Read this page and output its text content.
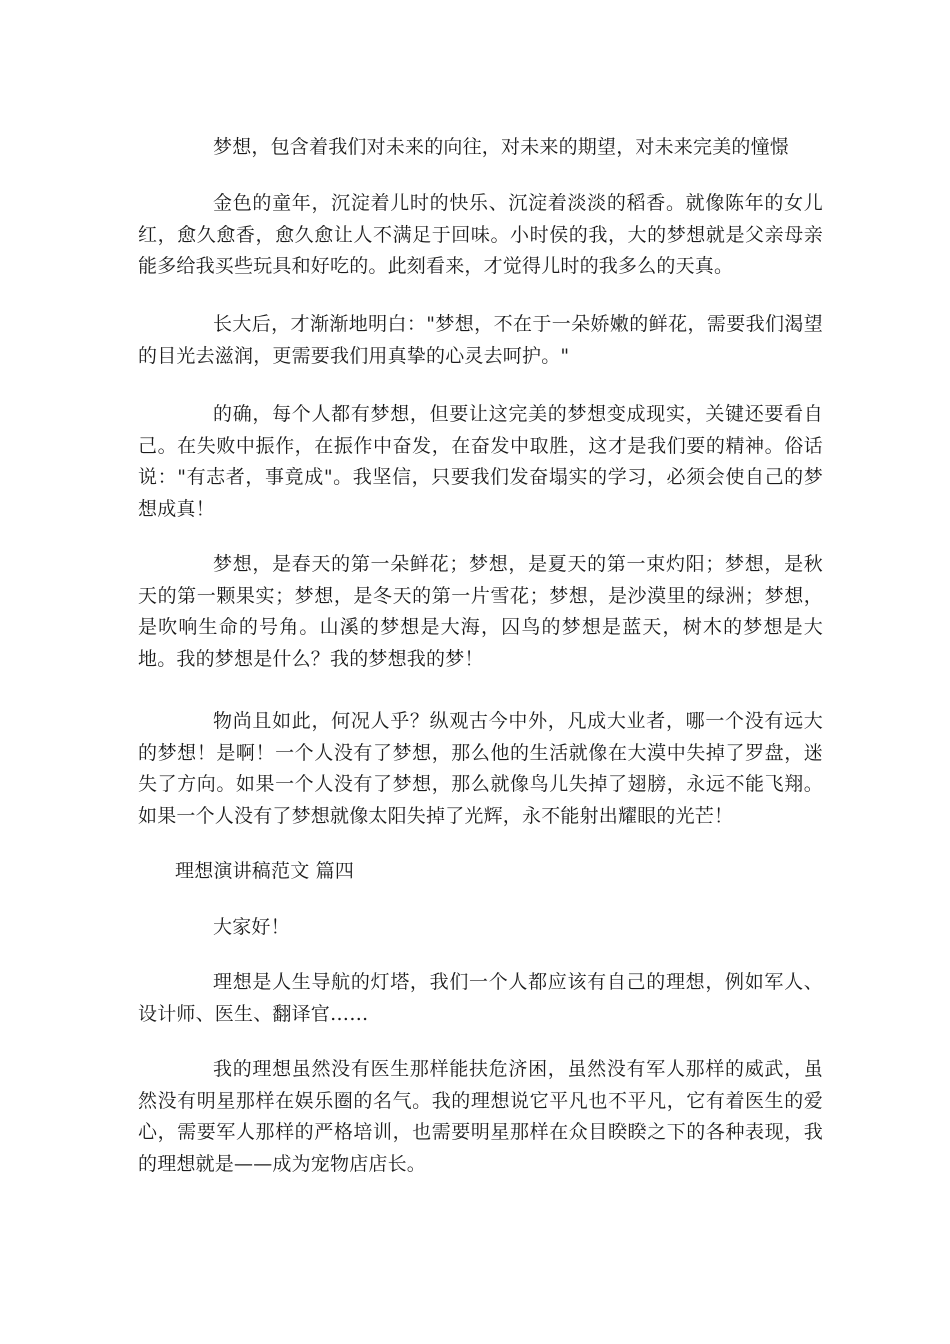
梦想，包含着我们对未来的向往，对未来的期望，对未来完美的憧憬

金色的童年，沉淀着儿时的快乐、沉淀着淡淡的稻香。就像陈年的女儿红，愈久愈香，愈久愈让人不满足于回味。小时侯的我，大的梦想就是父亲母亲能多给我买些玩具和好吃的。此刻看来，才觉得儿时的我多么的天真。

长大后，才渐渐地明白："梦想，不在于一朵娇嫩的鲜花，需要我们渴望的目光去滋润，更需要我们用真挚的心灵去呵护。"

的确，每个人都有梦想，但要让这完美的梦想变成现实，关键还要看自己。在失败中振作，在振作中奋发，在奋发中取胜，这才是我们要的精神。俗话说："有志者，事竟成"。我坚信，只要我们发奋塌实的学习，必须会使自己的梦想成真！

梦想，是春天的第一朵鲜花；梦想，是夏天的第一束灼阳；梦想，是秋天的第一颗果实；梦想，是冬天的第一片雪花；梦想，是沙漠里的绿洲；梦想，是吹响生命的号角。山溪的梦想是大海，囚鸟的梦想是蓝天，树木的梦想是大地。我的梦想是什么？我的梦想我的梦！

物尚且如此，何况人乎？纵观古今中外，凡成大业者，哪一个没有远大的梦想！是啊！一个人没有了梦想，那么他的生活就像在大漠中失掉了罗盘，迷失了方向。如果一个人没有了梦想，那么就像鸟儿失掉了翅膀，永远不能飞翔。如果一个人没有了梦想就像太阳失掉了光辉，永不能射出耀眼的光芒！

理想演讲稿范文 篇四

大家好！

理想是人生导航的灯塔，我们一个人都应该有自己的理想，例如军人、设计师、医生、翻译官……

我的理想虽然没有医生那样能扶危济困，虽然没有军人那样的威武，虽然没有明星那样在娱乐圈的名气。我的理想说它平凡也不平凡，它有着医生的爱心，需要军人那样的严格培训，也需要明星那样在众目睽睽之下的各种表现，我的理想就是——成为宠物店店长。
